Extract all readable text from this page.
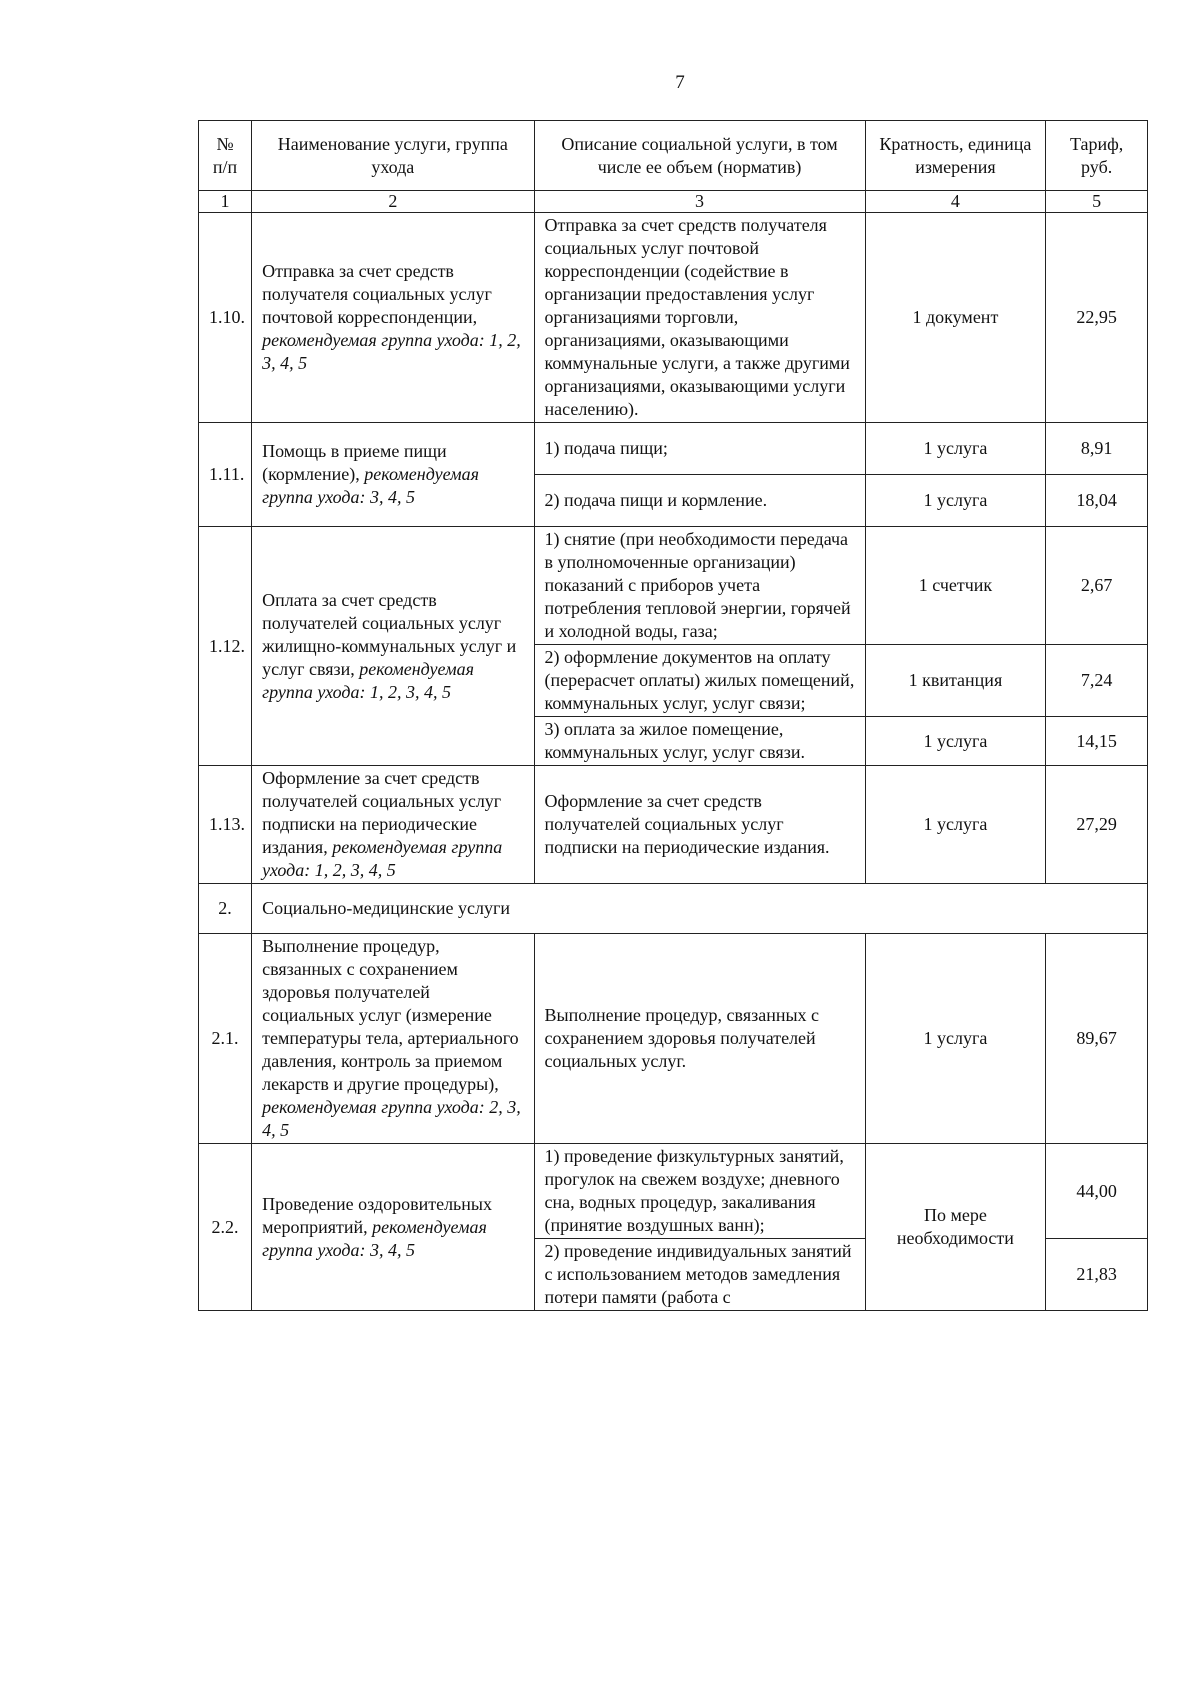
7
№ п/п	Наименование услуги, группа ухода	Описание социальной услуги, в том числе ее объем (норматив)	Кратность, единица измерения	Тариф, руб.
1	2	3	4	5
1.10.	Отправка за счет средств получателя социальных услуг почтовой корреспонденции, рекомендуемая группа ухода: 1, 2, 3, 4, 5	Отправка за счет средств получателя социальных услуг почтовой корреспонденции (содействие в организации предоставления услуг организациями торговли, организациями, оказывающими коммунальные услуги, а также другими организациями, оказывающими услуги населению).	1 документ	22,95
1.11.	Помощь в приеме пищи (кормление), рекомендуемая группа ухода: 3, 4, 5	1) подача пищи;	1 услуга	8,91
		2) подача пищи и кормление.	1 услуга	18,04
1.12.	Оплата за счет средств получателей социальных услуг жилищно-коммунальных услуг и услуг связи, рекомендуемая группа ухода: 1, 2, 3, 4, 5	1) снятие (при необходимости передача в уполномоченные организации) показаний с приборов учета потребления тепловой энергии, горячей и холодной воды, газа;	1 счетчик	2,67
		2) оформление документов на оплату (перерасчет оплаты) жилых помещений, коммунальных услуг, услуг связи;	1 квитанция	7,24
		3) оплата за жилое помещение, коммунальных услуг, услуг связи.	1 услуга	14,15
1.13.	Оформление за счет средств получателей социальных услуг подписки на периодические издания, рекомендуемая группа ухода: 1, 2, 3, 4, 5	Оформление за счет средств получателей социальных услуг подписки на периодические издания.	1 услуга	27,29
2.	Социально-медицинские услуги			
2.1.	Выполнение процедур, связанных с сохранением здоровья получателей социальных услуг (измерение температуры тела, артериального давления, контроль за приемом лекарств и другие процедуры), рекомендуемая группа ухода: 2, 3, 4, 5	Выполнение процедур, связанных с сохранением здоровья получателей социальных услуг.	1 услуга	89,67
2.2.	Проведение оздоровительных мероприятий, рекомендуемая группа ухода: 3, 4, 5	1) проведение физкультурных занятий, прогулок на свежем воздухе; дневного сна, водных процедур, закаливания (принятие воздушных ванн);	По мере необходимости	44,00
		2) проведение индивидуальных занятий с использованием методов замедления потери памяти (работа с		21,83
